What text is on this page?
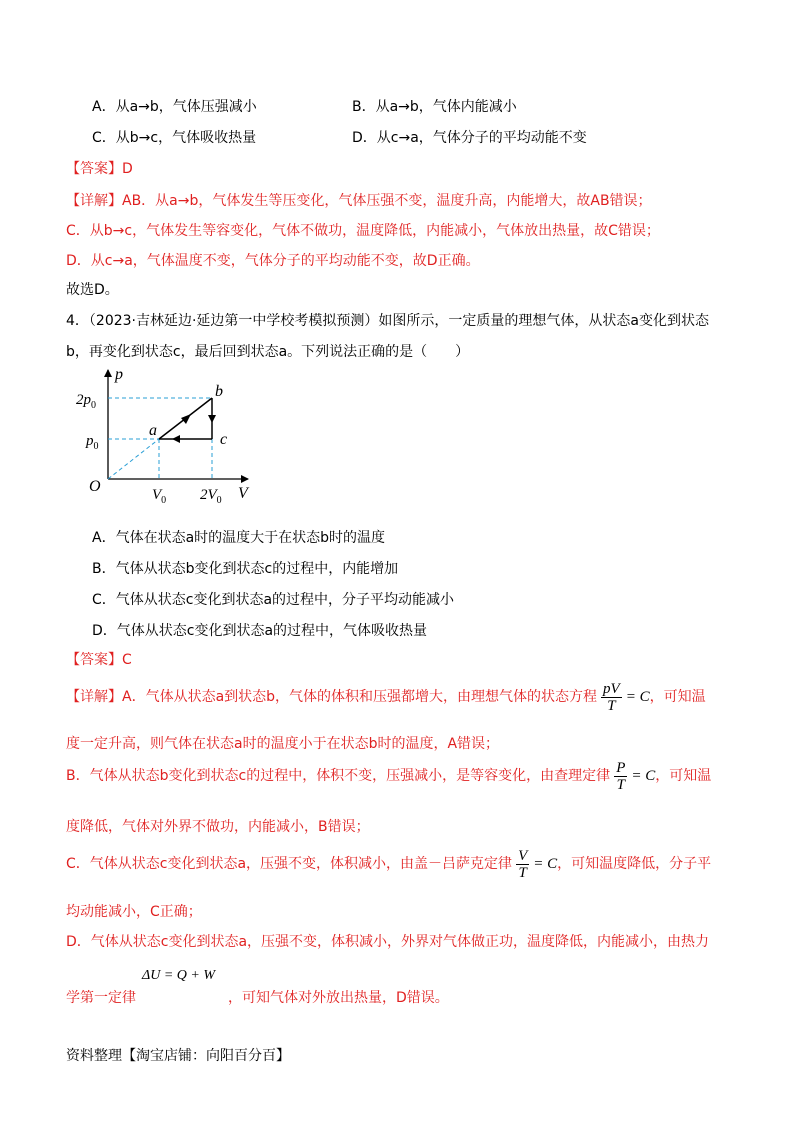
A．从a→b，气体压强减小	B．从a→b，气体内能减小
C．从b→c，气体吸收热量	D．从c→a，气体分子的平均动能不变
【答案】D
【详解】AB．从a→b，气体发生等压变化，气体压强不变，温度升高，内能增大，故AB错误；
C．从b→c，气体发生等容变化，气体不做功，温度降低，内能减小，气体放出热量，故C错误；
D．从c→a，气体温度不变，气体分子的平均动能不变，故D正确。
故选D。
4．（2023·吉林延边·延边第一中学校考模拟预测）如图所示，一定质量的理想气体，从状态a变化到状态
b，再变化到状态c，最后回到状态a。下列说法正确的是（　　）
p
V
O
$2p_0$
$p_0$
$V_0$ $2V_0$
a
b
c
A．气体在状态a时的温度大于在状态b时的温度
B．气体从状态b变化到状态c的过程中，内能增加
C．气体从状态c变化到状态a的过程中，分子平均动能减小
D．气体从状态c变化到状态a的过程中，气体吸收热量
【答案】C
【详解】A．气体从状态a到状态b，气体的体积和压强都增大，由理想气体的状态方程 $\frac{pV}{T} = C$，可知温
度一定升高，则气体在状态a时的温度小于在状态b时的温度，A错误；
B．气体从状态b变化到状态c的过程中，体积不变，压强减小，是等容变化，由查理定律 $\frac{P}{T} = C$，可知温
度降低，气体对外界不做功，内能减小，B错误；
C．气体从状态c变化到状态a，压强不变，体积减小，由盖－吕萨克定律 $\frac{V}{T} = C$，可知温度降低，分子平
均动能减小，C正确；
D．气体从状态c变化到状态a，压强不变，体积减小，外界对气体做正功，温度降低，内能减小，由热力
ΔU = Q + W
学第一定律	，可知气体对外放出热量，D错误。
资料整理【淘宝店铺：向阳百分百】
